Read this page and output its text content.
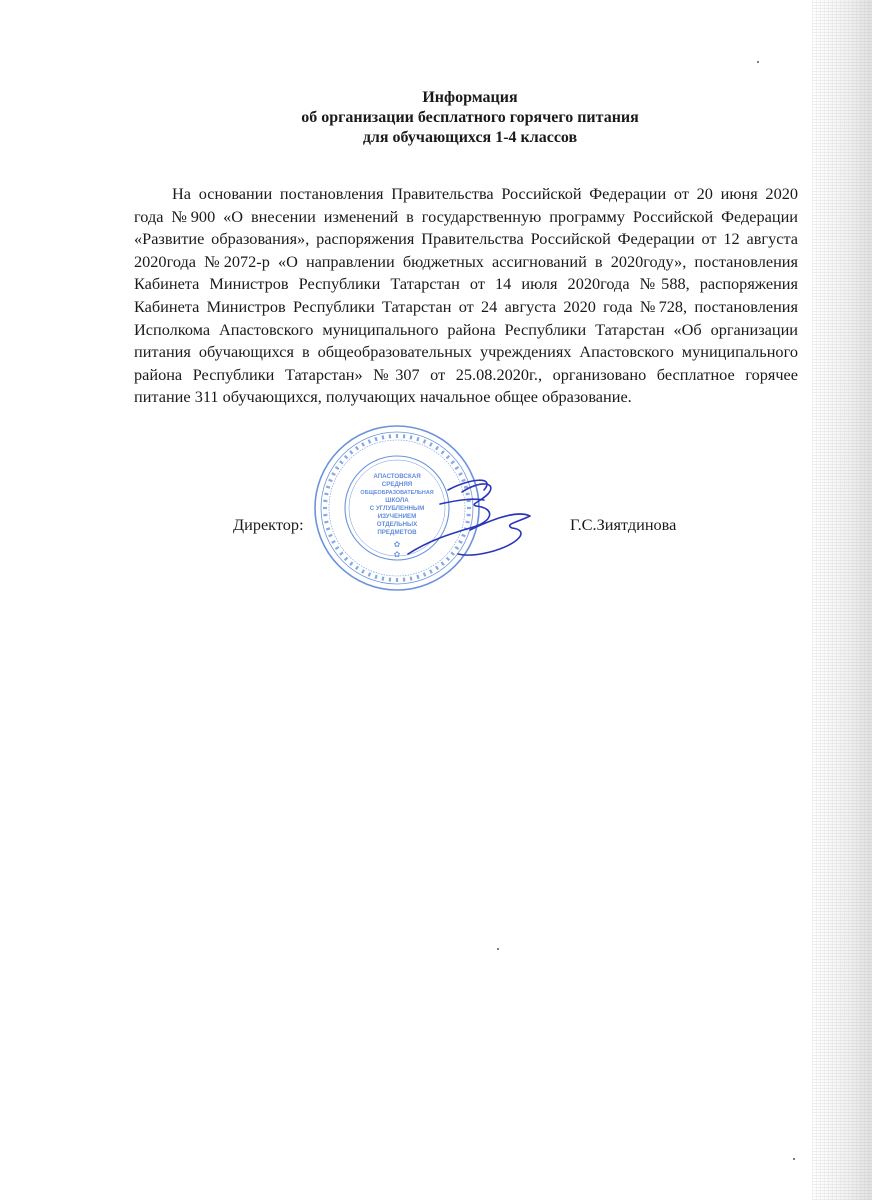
Информация
об организации бесплатного горячего питания
для обучающихся 1-4 классов

На основании постановления Правительства Российской Федерации от 20 июня 2020 года №900 «О внесении изменений в государственную программу Российской Федерации «Развитие образования», распоряжения Правительства Российской Федерации от 12 августа 2020года №2072-р «О направлении бюджетных ассигнований в 2020году», постановления Кабинета Министров Республики Татарстан от 14 июля 2020года №588, распоряжения Кабинета Министров Республики Татарстан от 24 августа 2020 года №728, постановления Исполкома Апастовского муниципального района Республики Татарстан «Об организации питания обучающихся в общеобразовательных учреждениях Апастовского муниципального района Республики Татарстан» №307 от 25.08.2020г., организовано бесплатное горячее питание 311 обучающихся, получающих начальное общее образование.

АПАСТОВСКАЯ
СРЕДНЯЯ
ОБЩЕОБРАЗОВАТЕЛЬНАЯ
ШКОЛА
С УГЛУБЛЕННЫМ
ИЗУЧЕНИЕМ
ОТДЕЛЬНЫХ
ПРЕДМЕТОВ
✿
✿
Директор:	Г.С.Зиятдинова
